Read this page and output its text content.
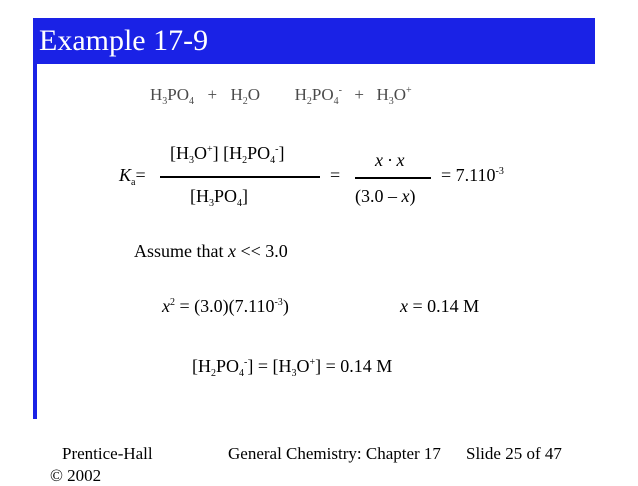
Example 17-9
$H_3PO_4 + H_2O$ $H_2PO_4^- + H_3O^+$
$K_a=$
$[H_3O^+]$ $[H_2PO_4^-]$
$[H_3PO_4]$
=
x · x
(3.0 – x)
= $7.110^{-3}$
Assume that x << 3.0
$x^2 = (3.0)(7.110^{-3})$	x = 0.14 M
$[H_2PO_4^-] = [H_3O^+] = 0.14$ M
Prentice-Hall
© 2002
General Chemistry: Chapter 17 Slide 25 of 47
